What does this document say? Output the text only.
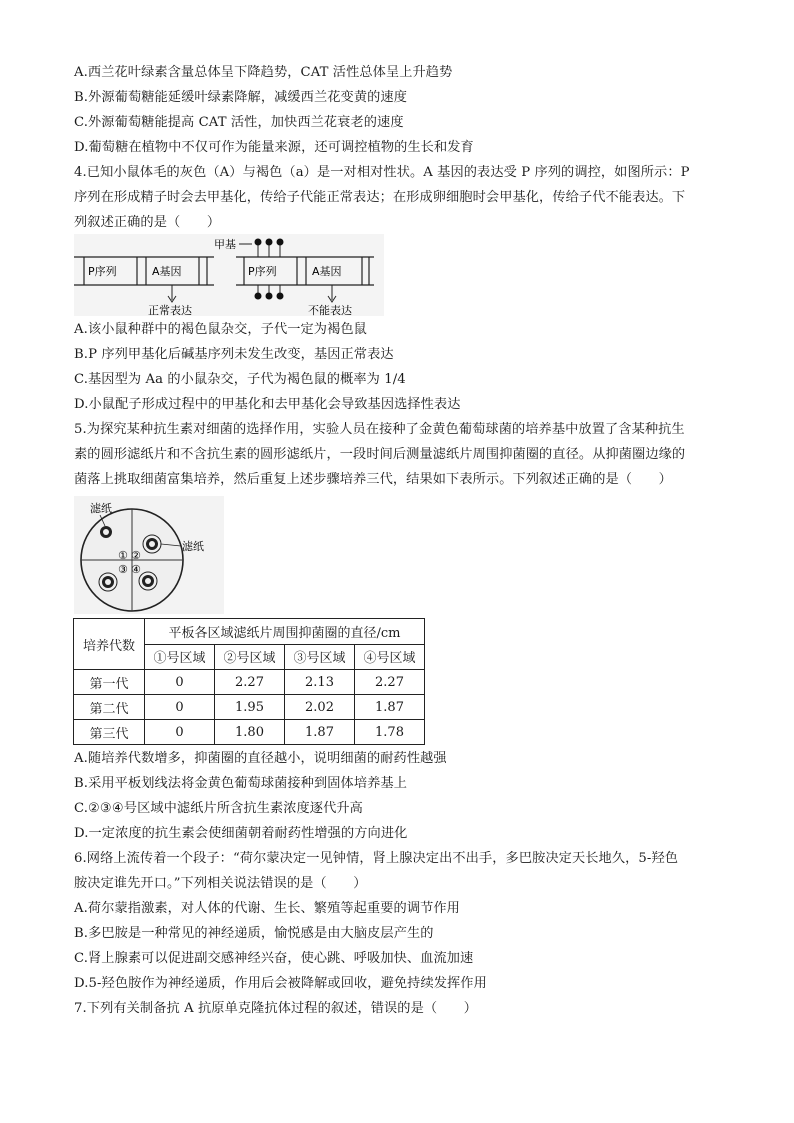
A.西兰花叶绿素含量总体呈下降趋势，CAT 活性总体呈上升趋势
B.外源葡萄糖能延缓叶绿素降解，减缓西兰花变黄的速度
C.外源葡萄糖能提高 CAT 活性，加快西兰花衰老的速度
D.葡萄糖在植物中不仅可作为能量来源，还可调控植物的生长和发育
4.已知小鼠体毛的灰色（A）与褐色（a）是一对相对性状。A 基因的表达受 P 序列的调控，如图所示：P
序列在形成精子时会去甲基化，传给子代能正常表达；在形成卵细胞时会甲基化，传给子代不能表达。下
列叙述正确的是（　　）
P序列	A基因
正常表达
甲基
P序列	A基因
不能表达
A.该小鼠种群中的褐色鼠杂交，子代一定为褐色鼠
B.P 序列甲基化后碱基序列未发生改变，基因正常表达
C.基因型为 Aa 的小鼠杂交，子代为褐色鼠的概率为 1/4
D.小鼠配子形成过程中的甲基化和去甲基化会导致基因选择性表达
5.为探究某种抗生素对细菌的选择作用，实验人员在接种了金黄色葡萄球菌的培养基中放置了含某种抗生
素的圆形滤纸片和不含抗生素的圆形滤纸片，一段时间后测量滤纸片周围抑菌圈的直径。从抑菌圈边缘的
菌落上挑取细菌富集培养，然后重复上述步骤培养三代，结果如下表所示。下列叙述正确的是（　　）
① ②
③ ④
滤纸
滤纸
培养代数	平板各区域滤纸片周围抑菌圈的直径/cm			
	①号区域	②号区域	③号区域	④号区域
第一代	0	2.27	2.13	2.27
第二代	0	1.95	2.02	1.87
第三代	0	1.80	1.87	1.78
A.随培养代数增多，抑菌圈的直径越小，说明细菌的耐药性越强
B.采用平板划线法将金黄色葡萄球菌接种到固体培养基上
C.②③④号区域中滤纸片所含抗生素浓度逐代升高
D.一定浓度的抗生素会使细菌朝着耐药性增强的方向进化
6.网络上流传着一个段子：“荷尔蒙决定一见钟情，肾上腺决定出不出手，多巴胺决定天长地久，5-羟色
胺决定谁先开口。”下列相关说法错误的是（　　）
A.荷尔蒙指激素，对人体的代谢、生长、繁殖等起重要的调节作用
B.多巴胺是一种常见的神经递质，愉悦感是由大脑皮层产生的
C.肾上腺素可以促进副交感神经兴奋，使心跳、呼吸加快、血流加速
D.5-羟色胺作为神经递质，作用后会被降解或回收，避免持续发挥作用
7.下列有关制备抗 A 抗原单克隆抗体过程的叙述，错误的是（　　）
